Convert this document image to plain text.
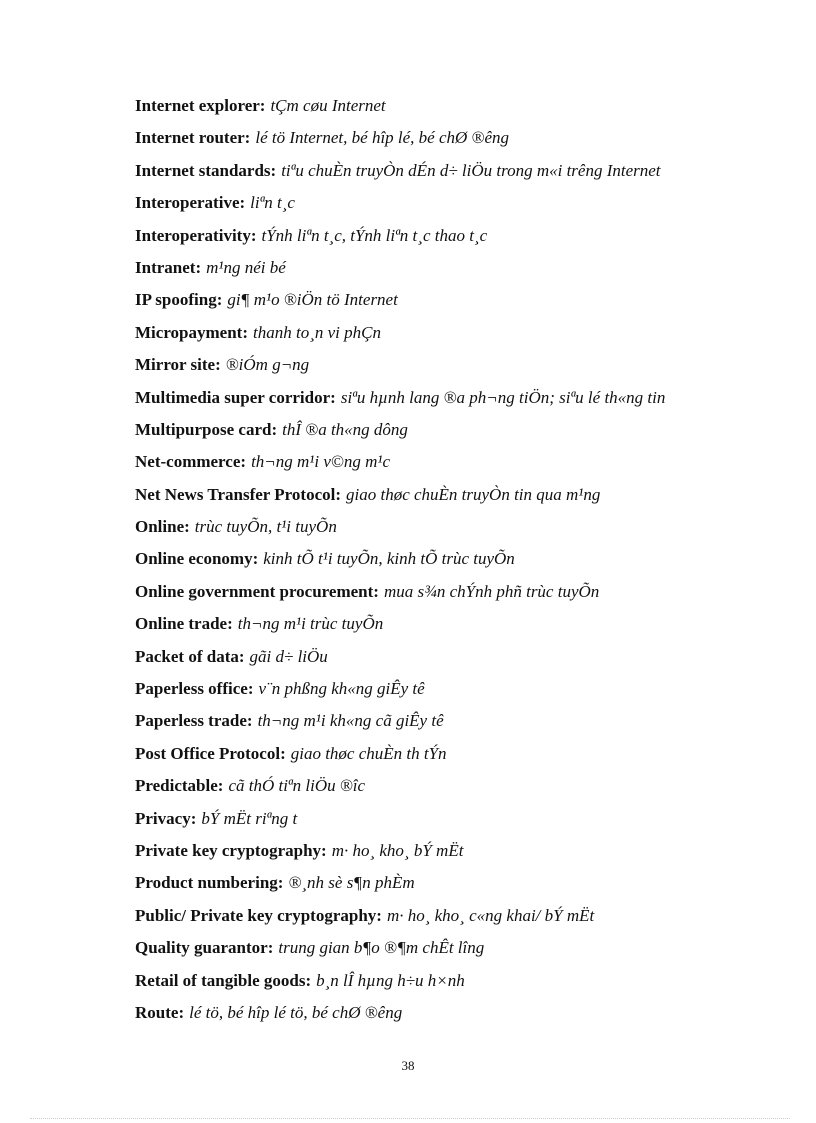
Internet explorer: tÇm cøu Internet
Internet router: lé tö Internet, bé hîp lé, bé chØ ®êng
Internet standards: tiªu chuÈn truyÒn dÉn d÷ liÖu trong m«i trêng Internet
Interoperative: liªn t¸c
Interoperativity: tÝnh liªn t¸c, tÝnh liªn t¸c thao t¸c
Intranet: m¹ng néi bé
IP spoofing: gi¶ m¹o ®iÖn tö Internet
Micropayment: thanh to¸n vi phÇn
Mirror site: ®iÓm g¬ng
Multimedia super corridor: siªu hµnh lang ®a ph¬ng tiÖn; siªu lé th«ng tin
Multipurpose card: thÎ ®a th«ng dông
Net-commerce: th¬ng m¹i v©ng m¹c
Net News Transfer Protocol: giao thøc chuÈn truyÒn tin qua m¹ng
Online: trùc tuyÕn, t¹i tuyÕn
Online economy: kinh tÕ t¹i tuyÕn, kinh tÕ trùc tuyÕn
Online government procurement: mua s¾n chÝnh phñ trùc tuyÕn
Online trade: th¬ng m¹i trùc tuyÕn
Packet of data: gãi d÷ liÖu
Paperless office: v¨n phßng kh«ng giÊy tê
Paperless trade: th¬ng m¹i kh«ng cã giÊy tê
Post Office Protocol: giao thøc chuÈn th tÝn
Predictable: cã thÓ tiªn liÖu ®îc
Privacy: bÝ mËt riªng t
Private key cryptography: m· ho¸ kho¸ bÝ mËt
Product numbering: ®¸nh sè s¶n phÈm
Public/ Private key cryptography: m· ho¸ kho¸ c«ng khai/ bÝ mËt
Quality guarantor: trung gian b¶o ®¶m chÊt lîng
Retail of tangible goods: b¸n lÎ hµng h÷u h×nh
Route: lé tö, bé hîp lé tö, bé chØ ®êng
38
